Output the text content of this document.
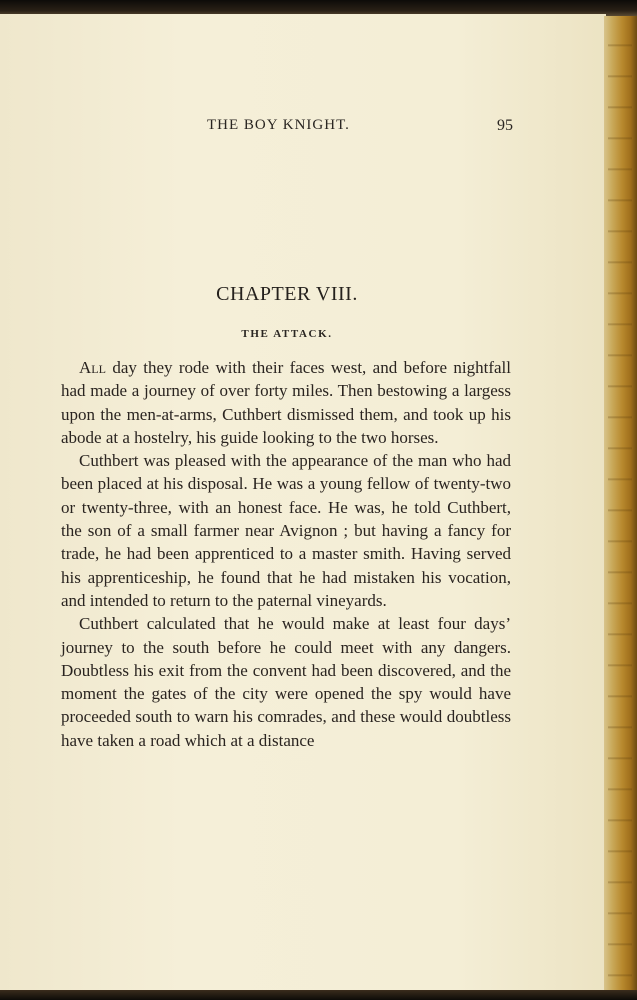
THE BOY KNIGHT.	95
CHAPTER VIII.
THE ATTACK.

All day they rode with their faces west, and before nightfall had made a journey of over forty miles. Then bestowing a largess upon the men-at-arms, Cuthbert dismissed them, and took up his abode at a hostelry, his guide looking to the two horses.

Cuthbert was pleased with the appearance of the man who had been placed at his disposal. He was a young fellow of twenty-two or twenty-three, with an honest face. He was, he told Cuthbert, the son of a small farmer near Avignon ; but having a fancy for trade, he had been apprenticed to a master smith. Having served his apprenticeship, he found that he had mistaken his vocation, and intended to return to the paternal vineyards.

Cuthbert calculated that he would make at least four days’ journey to the south before he could meet with any dangers. Doubtless his exit from the convent had been discovered, and the moment the gates of the city were opened the spy would have proceeded south to warn his comrades, and these would doubtless have taken a road which at a distance
